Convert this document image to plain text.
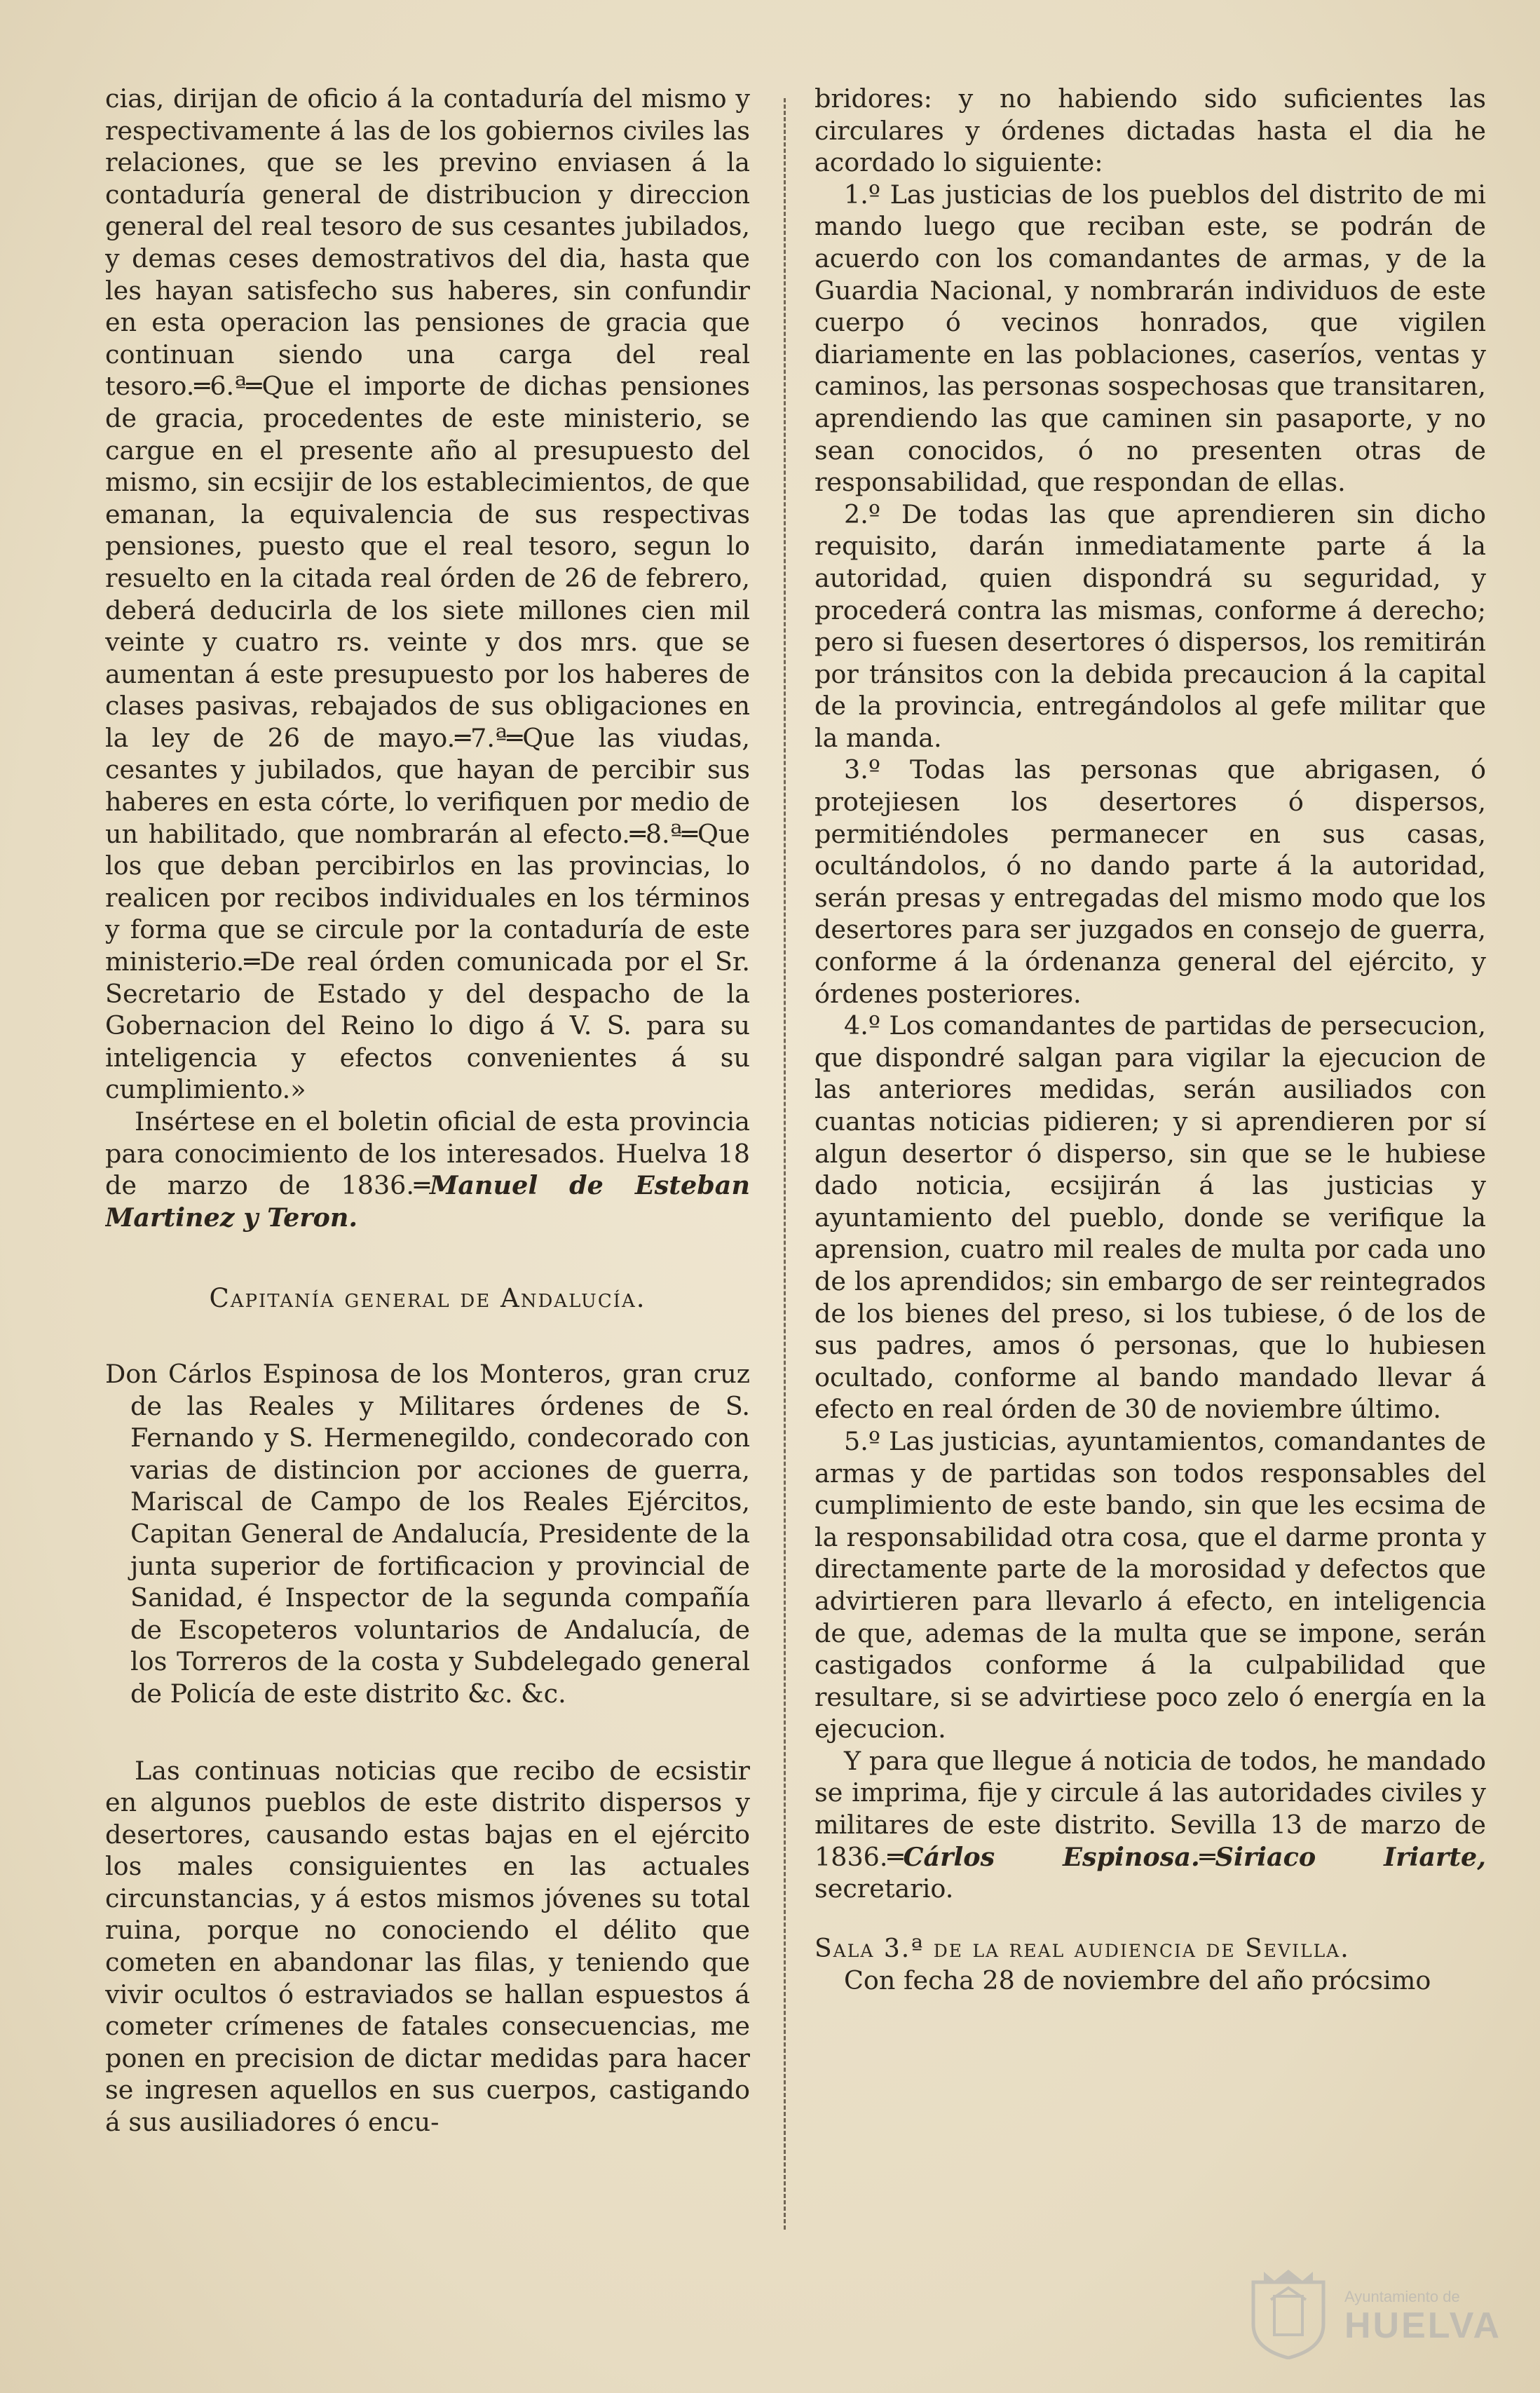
cias, dirijan de oficio á la contaduría del mismo y respectivamente á las de los gobiernos civiles las relaciones, que se les previno enviasen á la contaduría general de distribucion y direccion general del real tesoro de sus cesantes jubilados, y demas ceses demostrativos del dia, hasta que les hayan satisfecho sus haberes, sin confundir en esta operacion las pensiones de gracia que continuan siendo una carga del real tesoro.═6.ª═Que el importe de dichas pensiones de gracia, procedentes de este ministerio, se cargue en el presente año al presupuesto del mismo, sin ecsijir de los establecimientos, de que emanan, la equivalencia de sus respectivas pensiones, puesto que el real tesoro, segun lo resuelto en la citada real órden de 26 de febrero, deberá deducirla de los siete millones cien mil veinte y cuatro rs. veinte y dos mrs. que se aumentan á este presupuesto por los haberes de clases pasivas, rebajados de sus obligaciones en la ley de 26 de mayo.═7.ª═Que las viudas, cesantes y jubilados, que hayan de percibir sus haberes en esta córte, lo verifiquen por medio de un habilitado, que nombrarán al efecto.═8.ª═Que los que deban percibirlos en las provincias, lo realicen por recibos individuales en los términos y forma que se circule por la contaduría de este ministerio.═De real órden comunicada por el Sr. Secretario de Estado y del despacho de la Gobernacion del Reino lo digo á V. S. para su inteligencia y efectos convenientes á su cumplimiento.»

Insértese en el boletin oficial de esta provincia para conocimiento de los interesados. Huelva 18 de marzo de 1836.═Manuel de Esteban Martinez y Teron.

Capitanía general de Andalucía.

Don Cárlos Espinosa de los Monteros, gran cruz de las Reales y Militares órdenes de S. Fernando y S. Hermenegildo, condecorado con varias de distincion por acciones de guerra, Mariscal de Campo de los Reales Ejércitos, Capitan General de Andalucía, Presidente de la junta superior de fortificacion y provincial de Sanidad, é Inspector de la segunda compañía de Escopeteros voluntarios de Andalucía, de los Torreros de la costa y Subdelegado general de Policía de este distrito &c. &c.

Las continuas noticias que recibo de ecsistir en algunos pueblos de este distrito dispersos y desertores, causando estas bajas en el ejército los males consiguientes en las actuales circunstancias, y á estos mismos jóvenes su total ruina, porque no conociendo el délito que cometen en abandonar las filas, y teniendo que vivir ocultos ó estraviados se hallan espuestos á cometer crímenes de fatales consecuencias, me ponen en precision de dictar medidas para hacer se ingresen aquellos en sus cuerpos, castigando á sus ausiliadores ó encu-

bridores: y no habiendo sido suficientes las circulares y órdenes dictadas hasta el dia he acordado lo siguiente:

1.º Las justicias de los pueblos del distrito de mi mando luego que reciban este, se podrán de acuerdo con los comandantes de armas, y de la Guardia Nacional, y nombrarán individuos de este cuerpo ó vecinos honrados, que vigilen diariamente en las poblaciones, caseríos, ventas y caminos, las personas sospechosas que transitaren, aprendiendo las que caminen sin pasaporte, y no sean conocidos, ó no presenten otras de responsabilidad, que respondan de ellas.

2.º De todas las que aprendieren sin dicho requisito, darán inmediatamente parte á la autoridad, quien dispondrá su seguridad, y procederá contra las mismas, conforme á derecho; pero si fuesen desertores ó dispersos, los remitirán por tránsitos con la debida precaucion á la capital de la provincia, entregándolos al gefe militar que la manda.

3.º Todas las personas que abrigasen, ó protejiesen los desertores ó dispersos, permitiéndoles permanecer en sus casas, ocultándolos, ó no dando parte á la autoridad, serán presas y entregadas del mismo modo que los desertores para ser juzgados en consejo de guerra, conforme á la órdenanza general del ejército, y órdenes posteriores.

4.º Los comandantes de partidas de persecucion, que dispondré salgan para vigilar la ejecucion de las anteriores medidas, serán ausiliados con cuantas noticias pidieren; y si aprendieren por sí algun desertor ó disperso, sin que se le hubiese dado noticia, ecsijirán á las justicias y ayuntamiento del pueblo, donde se verifique la aprension, cuatro mil reales de multa por cada uno de los aprendidos; sin embargo de ser reintegrados de los bienes del preso, si los tubiese, ó de los de sus padres, amos ó personas, que lo hubiesen ocultado, conforme al bando mandado llevar á efecto en real órden de 30 de noviembre último.

5.º Las justicias, ayuntamientos, comandantes de armas y de partidas son todos responsables del cumplimiento de este bando, sin que les ecsima de la responsabilidad otra cosa, que el darme pronta y directamente parte de la morosidad y defectos que advirtieren para llevarlo á efecto, en inteligencia de que, ademas de la multa que se impone, serán castigados conforme á la culpabilidad que resultare, si se advirtiese poco zelo ó energía en la ejecucion.

Y para que llegue á noticia de todos, he mandado se imprima, fije y circule á las autoridades civiles y militares de este distrito. Sevilla 13 de marzo de 1836.═Cárlos Espinosa.═Siriaco Iriarte, secretario.

Sala 3.ª de la real audiencia de Sevilla.

Con fecha 28 de noviembre del año prócsimo

Ayuntamiento de
HUELVA
